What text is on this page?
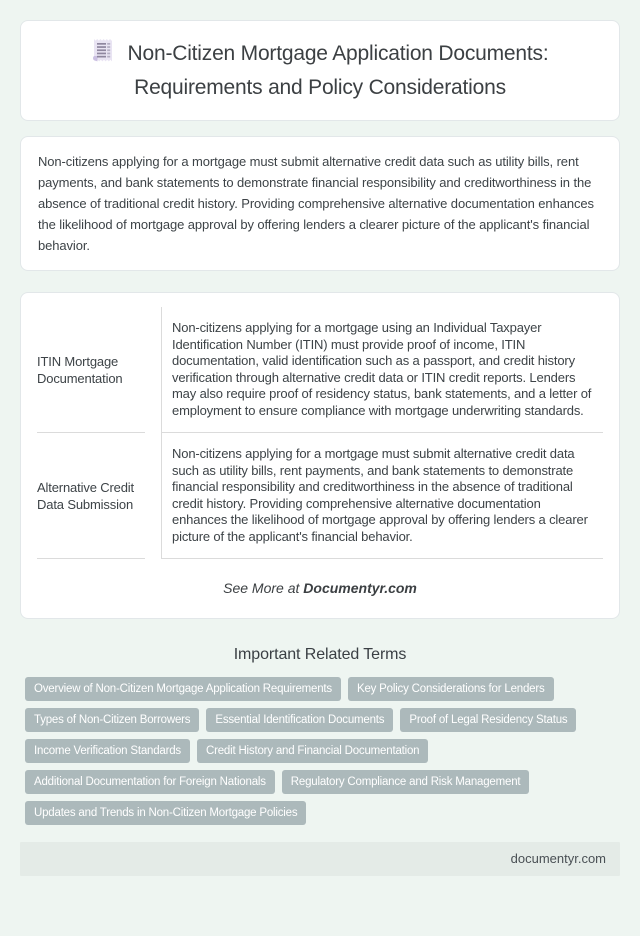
Non-Citizen Mortgage Application Documents: Requirements and Policy Considerations

Non-citizens applying for a mortgage must submit alternative credit data such as utility bills, rent payments, and bank statements to demonstrate financial responsibility and creditworthiness in the absence of traditional credit history. Providing comprehensive alternative documentation enhances the likelihood of mortgage approval by offering lenders a clearer picture of the applicant's financial behavior.

ITIN Mortgage Documentation	Non-citizens applying for a mortgage using an Individual Taxpayer Identification Number (ITIN) must provide proof of income, ITIN documentation, valid identification such as a passport, and credit history verification through alternative credit data or ITIN credit reports. Lenders may also require proof of residency status, bank statements, and a letter of employment to ensure compliance with mortgage underwriting standards.
Alternative Credit Data Submission	Non-citizens applying for a mortgage must submit alternative credit data such as utility bills, rent payments, and bank statements to demonstrate financial responsibility and creditworthiness in the absence of traditional credit history. Providing comprehensive alternative documentation enhances the likelihood of mortgage approval by offering lenders a clearer picture of the applicant's financial behavior.
See More at Documentyr.com
Important Related Terms
Overview of Non-Citizen Mortgage Application Requirements	Key Policy Considerations for Lenders
Types of Non-Citizen Borrowers	Essential Identification Documents	Proof of Legal Residency Status
Income Verification Standards	Credit History and Financial Documentation
Additional Documentation for Foreign Nationals	Regulatory Compliance and Risk Management
Updates and Trends in Non-Citizen Mortgage Policies
documentyr.com
